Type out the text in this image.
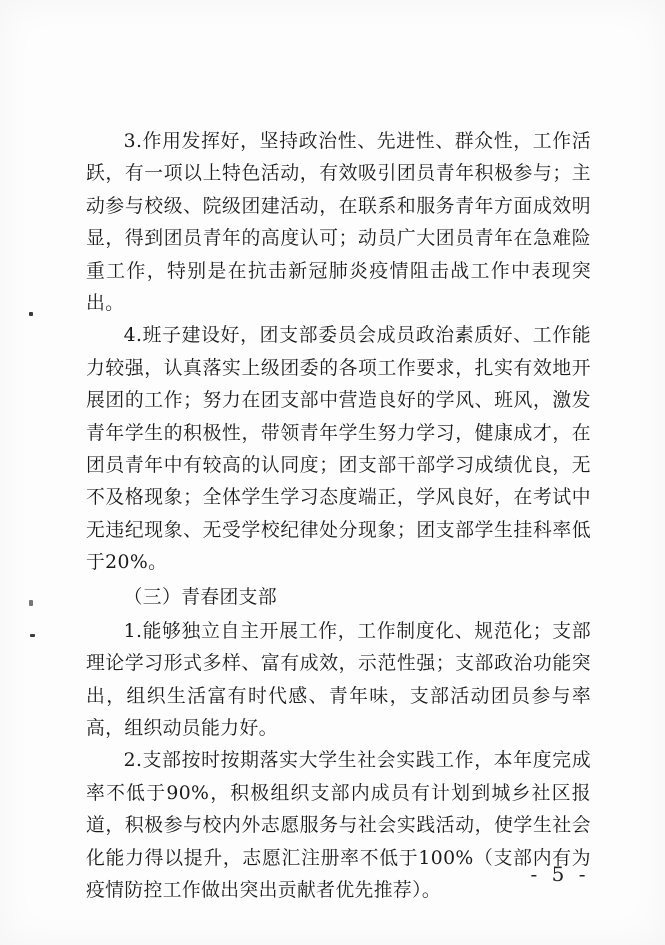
3.作用发挥好，坚持政治性、先进性、群众性，工作活跃，有一项以上特色活动，有效吸引团员青年积极参与；主动参与校级、院级团建活动，在联系和服务青年方面成效明显，得到团员青年的高度认可；动员广大团员青年在急难险重工作，特别是在抗击新冠肺炎疫情阻击战工作中表现突出。

4.班子建设好，团支部委员会成员政治素质好、工作能力较强，认真落实上级团委的各项工作要求，扎实有效地开展团的工作；努力在团支部中营造良好的学风、班风，激发青年学生的积极性，带领青年学生努力学习，健康成才，在团员青年中有较高的认同度；团支部干部学习成绩优良，无不及格现象；全体学生学习态度端正，学风良好，在考试中无违纪现象、无受学校纪律处分现象；团支部学生挂科率低于20%。

（三）青春团支部

1.能够独立自主开展工作，工作制度化、规范化；支部理论学习形式多样、富有成效，示范性强；支部政治功能突出，组织生活富有时代感、青年味，支部活动团员参与率高，组织动员能力好。

2.支部按时按期落实大学生社会实践工作，本年度完成率不低于90%，积极组织支部内成员有计划到城乡社区报道，积极参与校内外志愿服务与社会实践活动，使学生社会化能力得以提升，志愿汇注册率不低于100%（支部内有为疫情防控工作做出突出贡献者优先推荐）。

- 5 -
